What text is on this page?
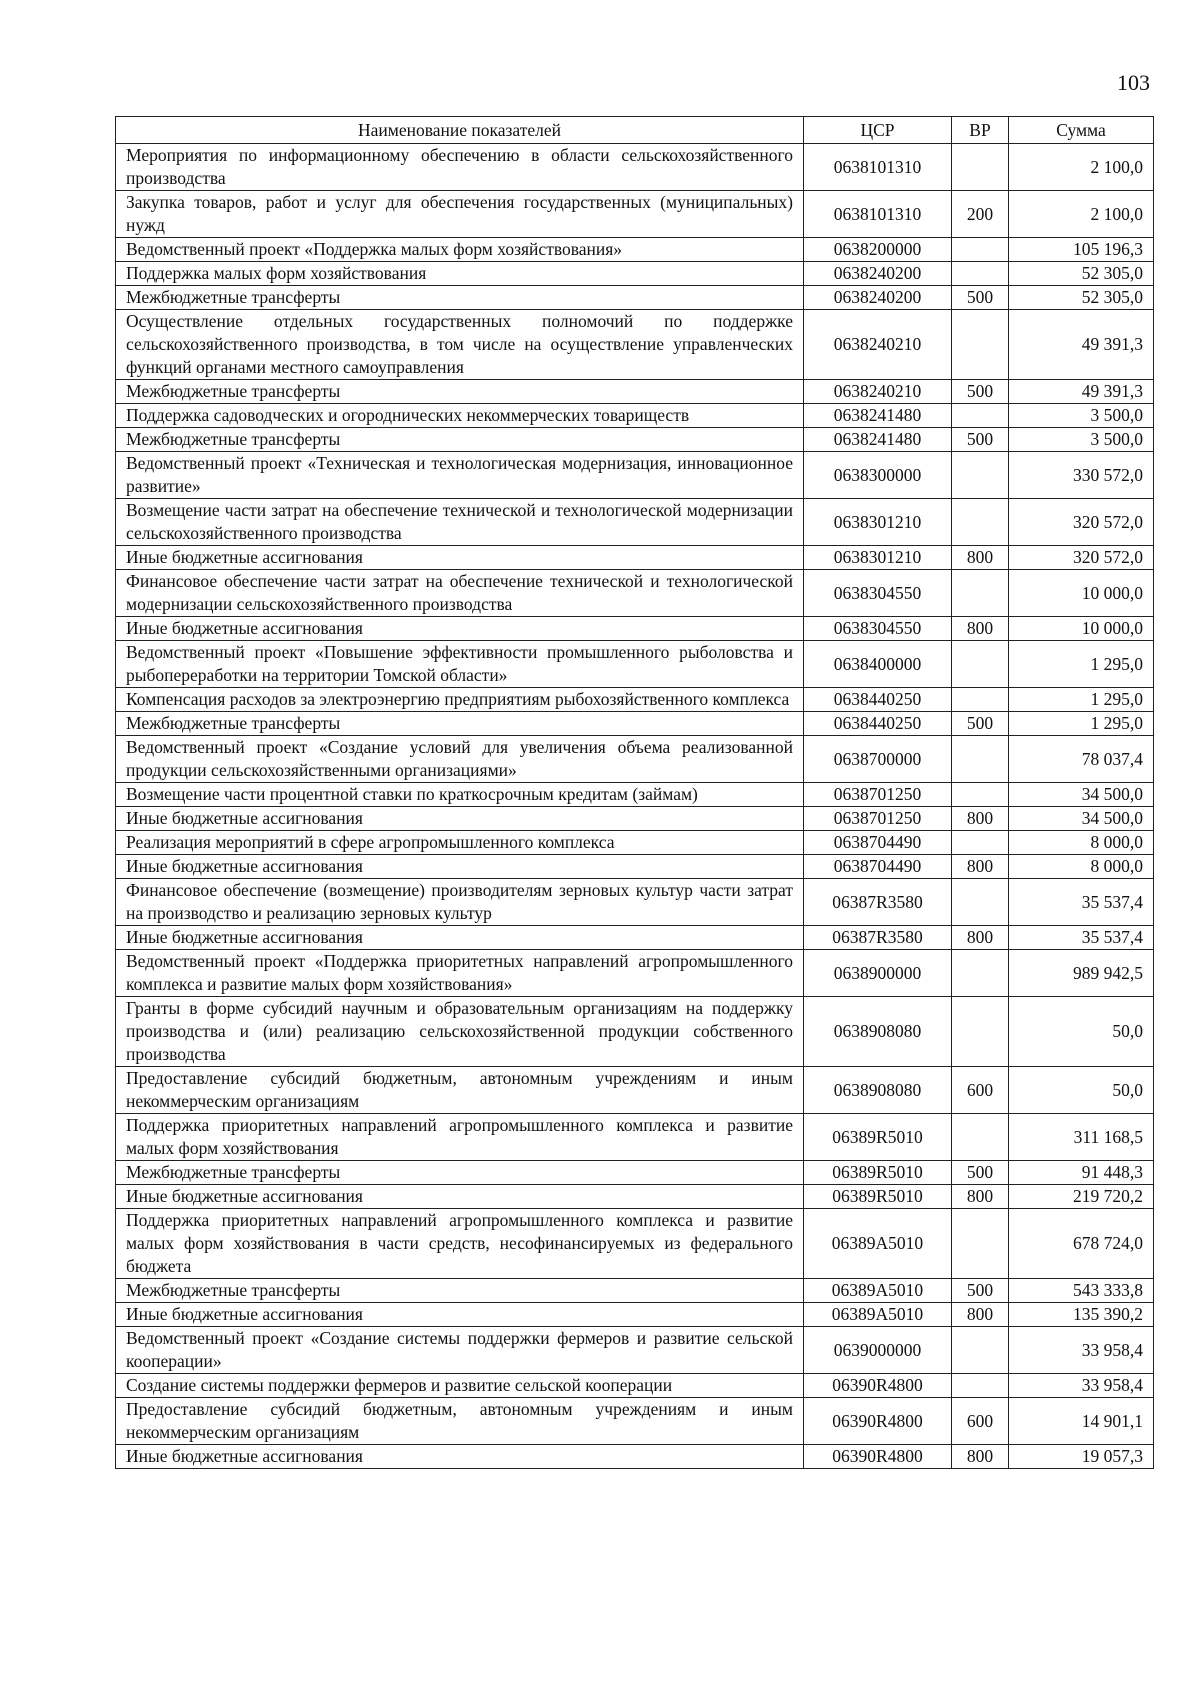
103
Наименование показателей	ЦСР	ВР	Сумма
Мероприятия по информационному обеспечению в области сельскохозяйственного производства	0638101310		2 100,0
Закупка товаров, работ и услуг для обеспечения государственных (муниципальных) нужд	0638101310	200	2 100,0
Ведомственный проект «Поддержка малых форм хозяйствования»	0638200000		105 196,3
Поддержка малых форм хозяйствования	0638240200		52 305,0
Межбюджетные трансферты	0638240200	500	52 305,0
Осуществление отдельных государственных полномочий по поддержке сельскохозяйственного производства, в том числе на осуществление управленческих функций органами местного самоуправления	0638240210		49 391,3
Межбюджетные трансферты	0638240210	500	49 391,3
Поддержка садоводческих и огороднических некоммерческих товариществ	0638241480		3 500,0
Межбюджетные трансферты	0638241480	500	3 500,0
Ведомственный проект «Техническая и технологическая модернизация, инновационное развитие»	0638300000		330 572,0
Возмещение части затрат на обеспечение технической и технологической модернизации сельскохозяйственного производства	0638301210		320 572,0
Иные бюджетные ассигнования	0638301210	800	320 572,0
Финансовое обеспечение части затрат на обеспечение технической и технологической модернизации сельскохозяйственного производства	0638304550		10 000,0
Иные бюджетные ассигнования	0638304550	800	10 000,0
Ведомственный проект «Повышение эффективности промышленного рыболовства и рыбопереработки на территории Томской области»	0638400000		1 295,0
Компенсация расходов за электроэнергию предприятиям рыбохозяйственного комплекса	0638440250		1 295,0
Межбюджетные трансферты	0638440250	500	1 295,0
Ведомственный проект «Создание условий для увеличения объема реализованной продукции сельскохозяйственными организациями»	0638700000		78 037,4
Возмещение части процентной ставки по краткосрочным кредитам (займам)	0638701250		34 500,0
Иные бюджетные ассигнования	0638701250	800	34 500,0
Реализация мероприятий в сфере агропромышленного комплекса	0638704490		8 000,0
Иные бюджетные ассигнования	0638704490	800	8 000,0
Финансовое обеспечение (возмещение) производителям зерновых культур части затрат на производство и реализацию зерновых культур	06387R3580		35 537,4
Иные бюджетные ассигнования	06387R3580	800	35 537,4
Ведомственный проект «Поддержка приоритетных направлений агропромышленного комплекса и развитие малых форм хозяйствования»	0638900000		989 942,5
Гранты в форме субсидий научным и образовательным организациям на поддержку производства и (или) реализацию сельскохозяйственной продукции собственного производства	0638908080		50,0
Предоставление субсидий бюджетным, автономным учреждениям и иным некоммерческим организациям	0638908080	600	50,0
Поддержка приоритетных направлений агропромышленного комплекса и развитие малых форм хозяйствования	06389R5010		311 168,5
Межбюджетные трансферты	06389R5010	500	91 448,3
Иные бюджетные ассигнования	06389R5010	800	219 720,2
Поддержка приоритетных направлений агропромышленного комплекса и развитие малых форм хозяйствования в части средств, несофинансируемых из федерального бюджета	06389A5010		678 724,0
Межбюджетные трансферты	06389A5010	500	543 333,8
Иные бюджетные ассигнования	06389A5010	800	135 390,2
Ведомственный проект «Создание системы поддержки фермеров и развитие сельской кооперации»	0639000000		33 958,4
Создание системы поддержки фермеров и развитие сельской кооперации	06390R4800		33 958,4
Предоставление субсидий бюджетным, автономным учреждениям и иным некоммерческим организациям	06390R4800	600	14 901,1
Иные бюджетные ассигнования	06390R4800	800	19 057,3
